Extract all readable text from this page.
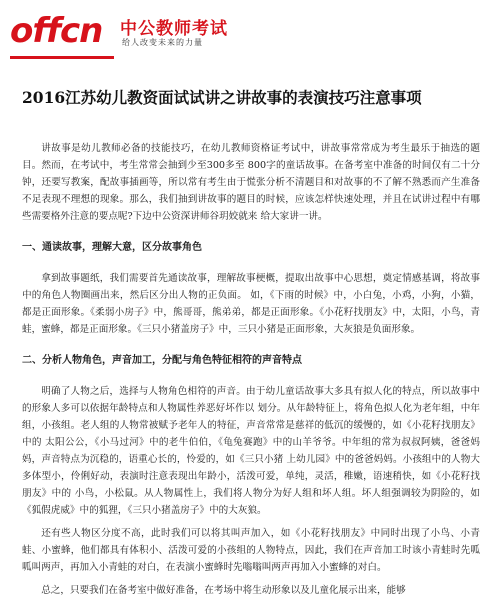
offcn 中公教师考试
给人改变未来的力量
2016江苏幼儿教资面试试讲之讲故事的表演技巧注意事项

讲故事是幼儿教师必备的技能技巧，在幼儿教师资格证考试中，讲故事常常成为考生最乐于抽选的题目。然而，在考试中，考生常常会抽到少至300多至 800字的童话故事。在备考室中准备的时间仅有二十分钟，还要写教案，配故事插画等，所以常有考生由于慌张分析不清题目和对故事的不了解不熟悉而产生准备 不足表现不理想的现象。那么，我们抽到讲故事的题目的时候，应该怎样快速处理，并且在试讲过程中有哪些需要格外注意的要点呢?下边中公资深讲师谷玥姣就来 给大家讲一讲。

一、通读故事，理解大意，区分故事角色

拿到故事题纸，我们需要首先通读故事，理解故事梗概，提取出故事中心思想，奠定情感基调，将故事中的角色人物圈画出来，然后区分出人物的正负面。 如，《下雨的时候》中，小白兔，小鸡，小狗，小猫，都是正面形象。《柔弱小房子》中，熊哥哥，熊弟弟，都是正面形象。《小花籽找朋友》中，太阳，小鸟，青蛙，蜜蜂，都是正面形象。《三只小猪盖房子》中，三只小猪是正面形象，大灰狼是负面形象。

二、分析人物角色，声音加工，分配与角色特征相符的声音特点

明确了人物之后，选择与人物角色相符的声音。由于幼儿童话故事大多具有拟人化的特点，所以故事中的形象人多可以依据年龄特点和人物属性养恶好坏作以 划分。从年龄特征上，将角色拟人化为老年组，中年组，小孩组。老人组的人物常被赋予老年人的特征，声音常常是慈祥的低沉的缓慢的，如《小花籽找朋友》中的 太阳公公，《小马过河》中的老牛伯伯，《龟兔赛跑》中的山羊爷爷。中年组的常为叔叔阿姨，爸爸妈妈，声音特点为沉稳的，语重心长的，怜爱的，如《三只小猪 上幼儿园》中的爸爸妈妈。小孩组中的人物大多体型小，伶俐好动，表演时注意表现出年龄小，活泼可爱，单纯，灵活，稚嫩，语速稍快，如《小花籽找朋友》中的 小鸟，小松鼠。从人物属性上，我们将人物分为好人组和坏人组。坏人组强调较为阴险的，如《狐假虎威》中的狐狸，《三只小猪盖房子》中的大灰狼。

还有些人物区分度不高，此时我们可以将其叫声加入，如《小花籽找朋友》中同时出现了小鸟、小青蛙、小蜜蜂，他们都具有体积小、活泼可爱的小孩组的人物特点，因此，我们在声音加工时该小青蛙时先呱呱叫两声，再加入小青蛙的对白，在表演小蜜蜂时先嗡嗡叫两声再加入小蜜蜂的对白。

总之，只要我们在备考室中做好准备，在考场中将生动形象以及儿童化展示出来，能够
